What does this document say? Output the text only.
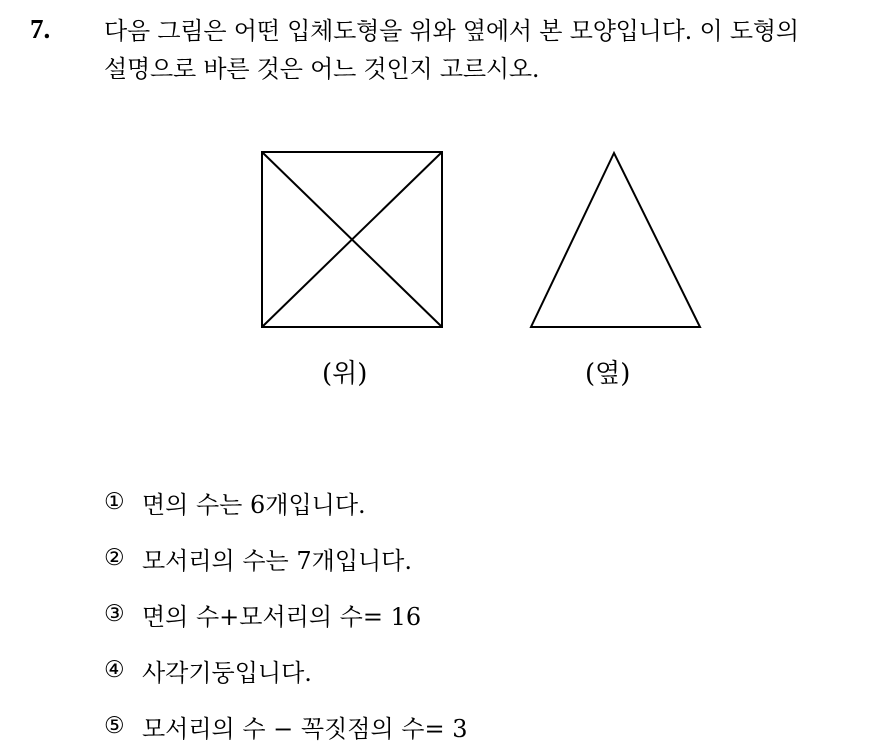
7. 다음 그림은 어떤 입체도형을 위와 옆에서 본 모양입니다. 이 도형의
설명으로 바른 것은 어느 것인지 고르시오.
(위)	(옆)
① 면의 수는 6개입니다.
② 모서리의 수는 7개입니다.
③ 면의 수+모서리의 수= 16
④ 사각기둥입니다.
⑤ 모서리의 수 − 꼭짓점의 수= 3
